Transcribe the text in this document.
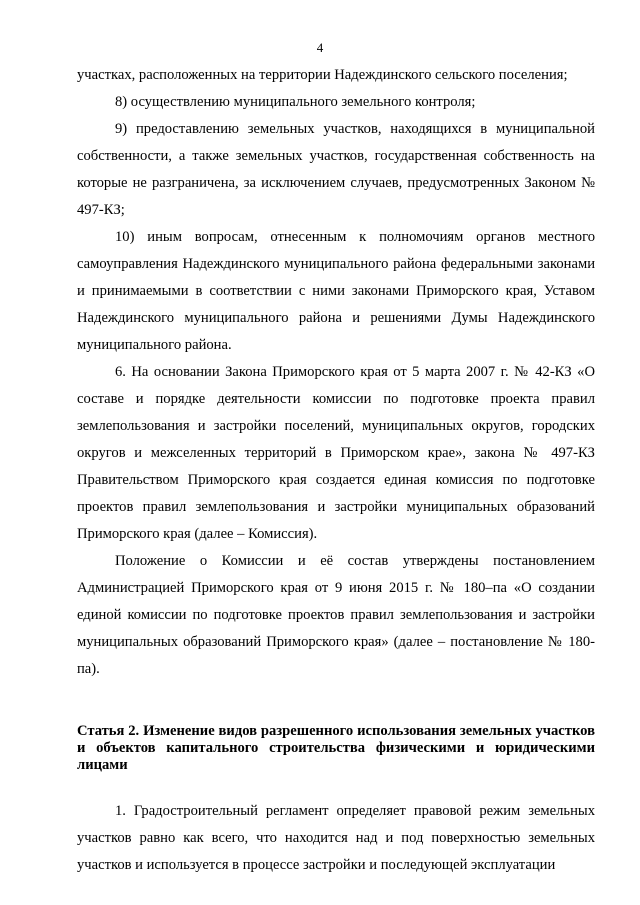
4

участках, расположенных на территории Надеждинского сельского поселения;

8) осуществлению муниципального земельного контроля;

9) предоставлению земельных участков, находящихся в муниципальной собственности, а также земельных участков, государственная собственность на которые не разграничена, за исключением случаев, предусмотренных Законом № 497-КЗ;

10) иным вопросам, отнесенным к полномочиям органов местного самоуправления Надеждинского муниципального района федеральными законами и принимаемыми в соответствии с ними законами Приморского края, Уставом Надеждинского муниципального района и решениями Думы Надеждинского муниципального района.

6. На основании Закона Приморского края от 5 марта 2007 г. № 42-КЗ «О составе и порядке деятельности комиссии по подготовке проекта правил землепользования и застройки поселений, муниципальных округов, городских округов и межселенных территорий в Приморском крае», закона № 497-КЗ Правительством Приморского края создается единая комиссия по подготовке проектов правил землепользования и застройки муниципальных образований Приморского края (далее – Комиссия).

Положение о Комиссии и её состав утверждены постановлением Администрацией Приморского края от 9 июня 2015 г. № 180–па «О создании единой комиссии по подготовке проектов правил землепользования и застройки муниципальных образований Приморского края» (далее – постановление № 180-па).

Статья 2. Изменение видов разрешенного использования земельных участков и объектов капитального строительства физическими и юридическими лицами

1. Градостроительный регламент определяет правовой режим земельных участков равно как всего, что находится над и под поверхностью земельных участков и используется в процессе застройки и последующей эксплуатации
